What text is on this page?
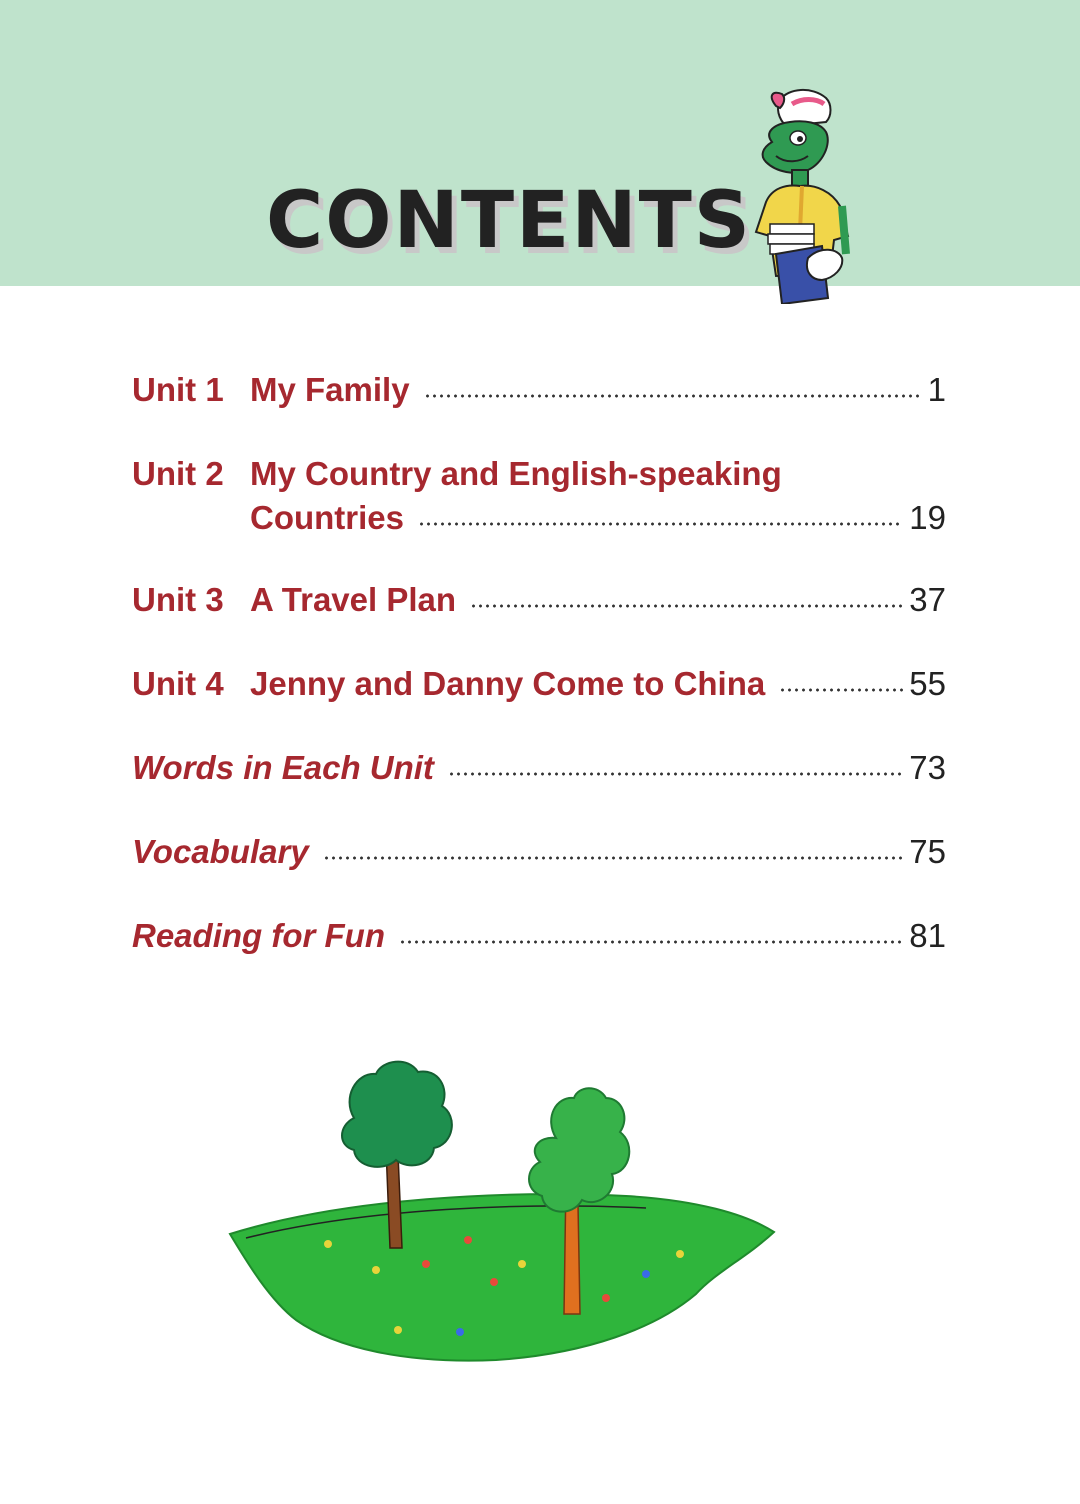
CONTENTS
Unit 1 My Family	1
Unit 2 My Country and English-speaking
Countries	19
Unit 3 A Travel Plan	37
Unit 4 Jenny and Danny Come to China	55
Words in Each Unit	73
Vocabulary	75
Reading for Fun	81
